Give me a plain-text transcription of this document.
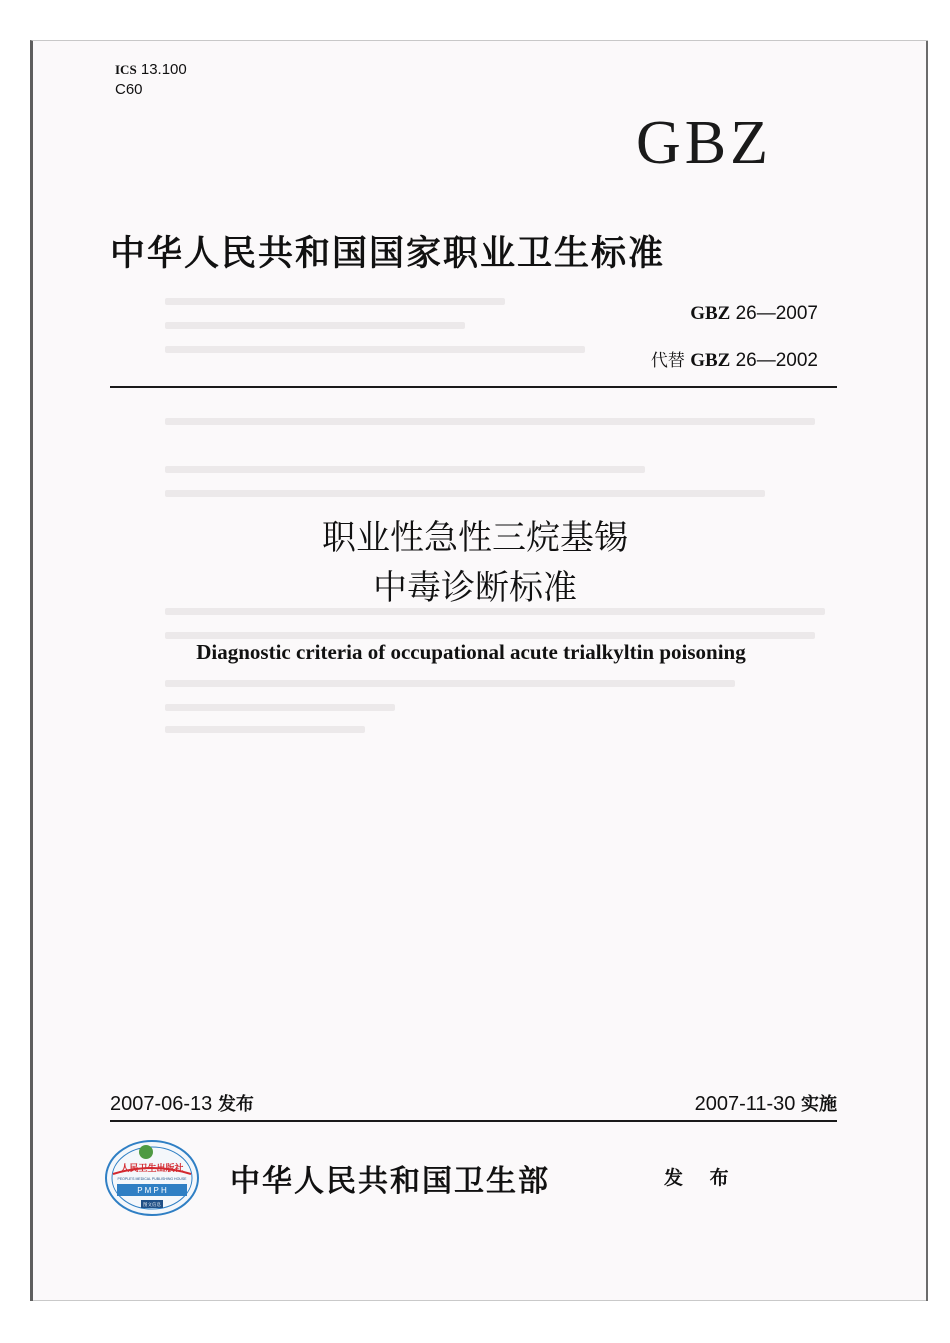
ICS 13.100
C60
GBZ
中华人民共和国国家职业卫生标准
GBZ 26—2007
代替 GBZ 26—2002
职业性急性三烷基锡
中毒诊断标准
Diagnostic criteria of occupational acute trialkyltin poisoning
2007-06-13 发布	2007-11-30 实施
人民卫生出版社
PEOPLE'S MEDICAL PUBLISHING HOUSE
P M P H
图文信息
中华人民共和国卫生部	发 布
